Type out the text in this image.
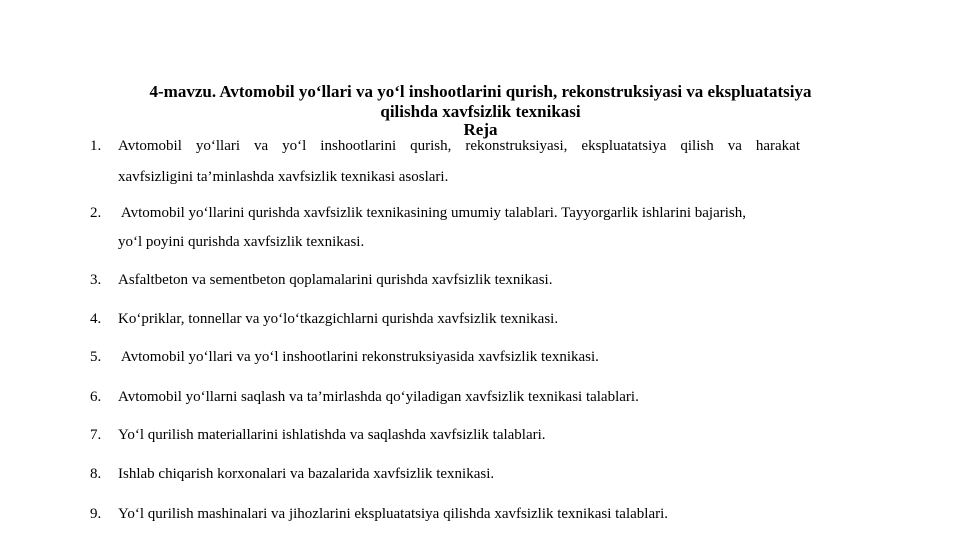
4-mavzu. Avtomobil yo‘llari va yo‘l inshootlarini qurish, rekonstruksiyasi va ekspluatatsiya
qilishda xavfsizlik texnikasi
Reja
1.	Avtomobil yo‘llari va yo‘l inshootlarini qurish, rekonstruksiyasi, ekspluatatsiya qilish va harakat
xavfsizligini ta’minlashda xavfsizlik texnikasi asoslari.
2.	Avtomobil yo‘llarini qurishda xavfsizlik texnikasining umumiy talablari. Tayyorgarlik ishlarini bajarish,
yo‘l poyini qurishda xavfsizlik texnikasi.
3.	Asfaltbeton va sementbeton qoplamalarini qurishda xavfsizlik texnikasi.
4.	Ko‘priklar, tonnellar va yo‘lo‘tkazgichlarni qurishda xavfsizlik texnikasi.
5.	Avtomobil yo‘llari va yo‘l inshootlarini rekonstruksiyasida xavfsizlik texnikasi.
6.	Avtomobil yo‘llarni saqlash va ta’mirlashda qo‘yiladigan xavfsizlik texnikasi talablari.
7.	Yo‘l qurilish materiallarini ishlatishda va saqlashda xavfsizlik talablari.
8.	Ishlab chiqarish korxonalari va bazalarida xavfsizlik texnikasi.
9.	Yo‘l qurilish mashinalari va jihozlarini ekspluatatsiya qilishda xavfsizlik texnikasi talablari.
